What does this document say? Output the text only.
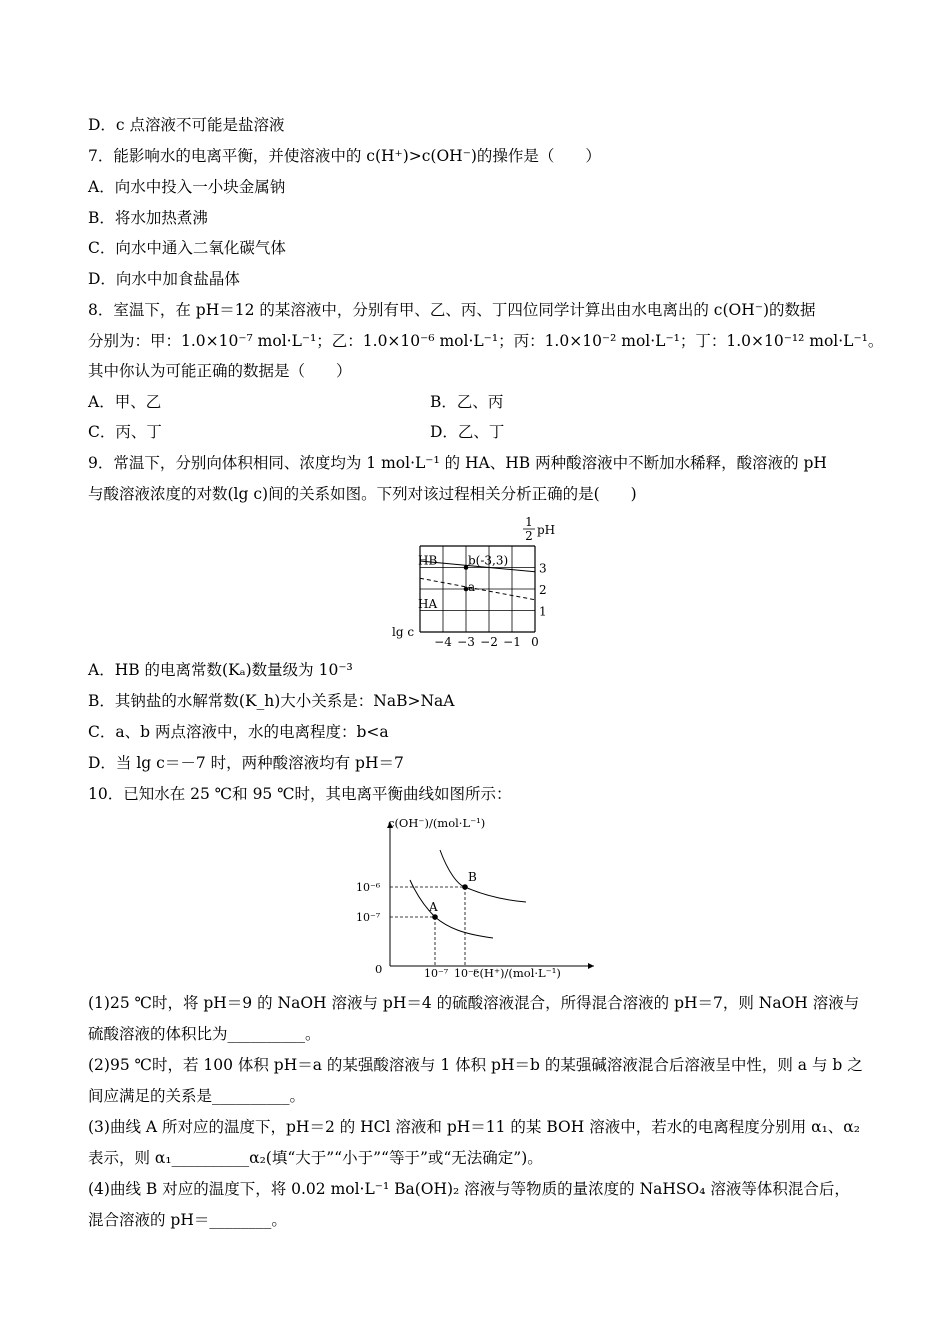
D．c 点溶液不可能是盐溶液
7．能影响水的电离平衡，并使溶液中的 c(H⁺)>c(OH⁻)的操作是（　　）
A．向水中投入一小块金属钠
B．将水加热煮沸
C．向水中通入二氧化碳气体
D．向水中加食盐晶体
8．室温下，在 pH＝12 的某溶液中，分别有甲、乙、丙、丁四位同学计算出由水电离出的 c(OH⁻)的数据
分别为：甲：1.0×10⁻⁷ mol·L⁻¹；乙：1.0×10⁻⁶ mol·L⁻¹；丙：1.0×10⁻² mol·L⁻¹；丁：1.0×10⁻¹² mol·L⁻¹。
其中你认为可能正确的数据是（　　）
9．常温下，分别向体积相同、浓度均为 1 mol·L⁻¹ 的 HA、HB 两种酸溶液中不断加水稀释，酸溶液的 pH
与酸溶液浓度的对数(lg c)间的关系如图。下列对该过程相关分析正确的是(　　)
A．HB 的电离常数(Kₐ)数量级为 10⁻³
B．其钠盐的水解常数(K_h)大小关系是：NaB>NaA
C．a、b 两点溶液中，水的电离程度：b<a
D．当 lg c＝－7 时，两种酸溶液均有 pH＝7
10．已知水在 25 ℃和 95 ℃时，其电离平衡曲线如图所示：
(1)25 ℃时，将 pH＝9 的 NaOH 溶液与 pH＝4 的硫酸溶液混合，所得混合溶液的 pH＝7，则 NaOH 溶液与
硫酸溶液的体积比为__________。
(2)95 ℃时，若 100 体积 pH＝a 的某强酸溶液与 1 体积 pH＝b 的某强碱溶液混合后溶液呈中性，则 a 与 b 之
间应满足的关系是__________。
(3)曲线 A 所对应的温度下，pH＝2 的 HCl 溶液和 pH＝11 的某 BOH 溶液中，若水的电离程度分别用 α₁、α₂
表示，则 α₁__________α₂(填“大于”“小于”“等于”或“无法确定”)。
(4)曲线 B 对应的温度下，将 0.02 mol·L⁻¹ Ba(OH)₂ 溶液与等物质的量浓度的 NaHSO₄ 溶液等体积混合后，
混合溶液的 pH＝________。
A．甲、乙	B．乙、丙
C．丙、丁	D．乙、丁
1
2 pH
b(-3,3)
a
HB
HA
1
2
3
−4 −3 −2 −1 0
lg c
c(OH⁻)/(mol·L⁻¹)
c(H⁺)/(mol·L⁻¹)
0
B
A
10⁻⁶
10⁻⁷
10⁻⁷ 10⁻⁶
